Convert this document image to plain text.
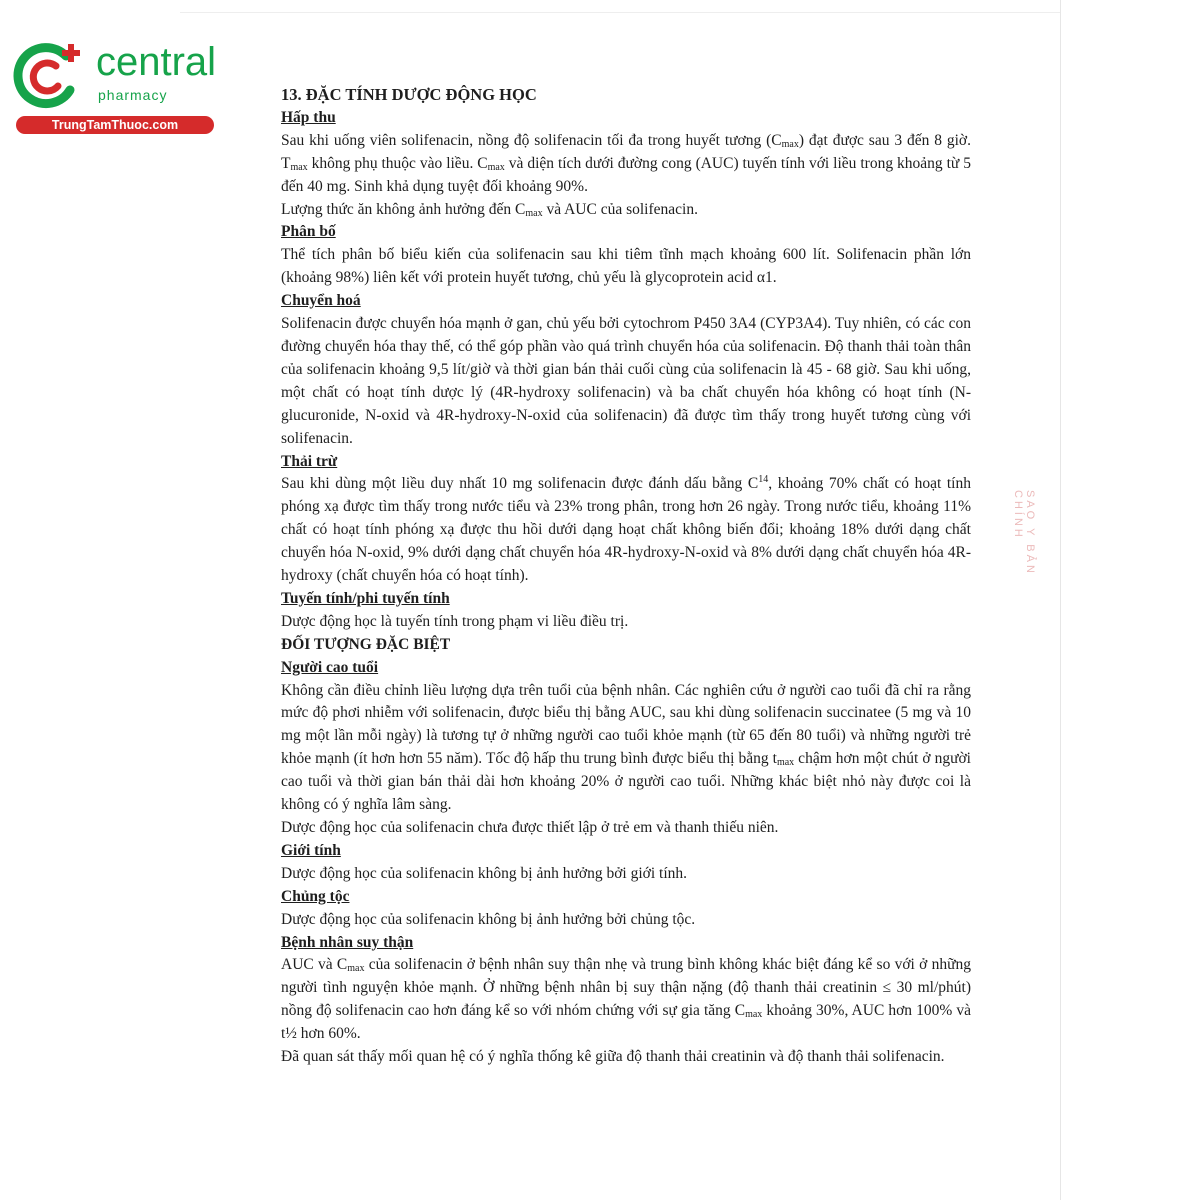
central
pharmacy
TrungTamThuoc.com
SAO Y BẢN CHÍNH
13. ĐẶC TÍNH DƯỢC ĐỘNG HỌC
Hấp thu

Sau khi uống viên solifenacin, nồng độ solifenacin tối đa trong huyết tương $(C_{max})$ đạt được sau 3 đến 8 giờ. $T_{max}$ không phụ thuộc vào liều. $C_{max}$ và diện tích dưới đường cong (AUC) tuyến tính với liều trong khoảng từ 5 đến 40 mg. Sinh khả dụng tuyệt đối khoảng 90%.

Lượng thức ăn không ảnh hưởng đến $C_{max}$ và AUC của solifenacin.

Phân bố

Thể tích phân bố biểu kiến của solifenacin sau khi tiêm tĩnh mạch khoảng 600 lít. Solifenacin phần lớn (khoảng 98%) liên kết với protein huyết tương, chủ yếu là glycoprotein acid α1.

Chuyển hoá

Solifenacin được chuyển hóa mạnh ở gan, chủ yếu bởi cytochrom P450 3A4 (CYP3A4). Tuy nhiên, có các con đường chuyển hóa thay thế, có thể góp phần vào quá trình chuyển hóa của solifenacin. Độ thanh thải toàn thân của solifenacin khoảng 9,5 lít/giờ và thời gian bán thải cuối cùng của solifenacin là 45 - 68 giờ. Sau khi uống, một chất có hoạt tính dược lý (4R-hydroxy solifenacin) và ba chất chuyển hóa không có hoạt tính (N-glucuronide, N-oxid và 4R-hydroxy-N-oxid của solifenacin) đã được tìm thấy trong huyết tương cùng với solifenacin.

Thải trừ

Sau khi dùng một liều duy nhất 10 mg solifenacin được đánh dấu bằng $C^{14}$, khoảng 70% chất có hoạt tính phóng xạ được tìm thấy trong nước tiểu và 23% trong phân, trong hơn 26 ngày. Trong nước tiểu, khoảng 11% chất có hoạt tính phóng xạ được thu hồi dưới dạng hoạt chất không biến đổi; khoảng 18% dưới dạng chất chuyển hóa N-oxid, 9% dưới dạng chất chuyển hóa 4R-hydroxy-N-oxid và 8% dưới dạng chất chuyển hóa 4R-hydroxy (chất chuyển hóa có hoạt tính).

Tuyến tính/phi tuyến tính

Dược động học là tuyến tính trong phạm vi liều điều trị.

ĐỐI TƯỢNG ĐẶC BIỆT
Người cao tuổi

Không cần điều chỉnh liều lượng dựa trên tuổi của bệnh nhân. Các nghiên cứu ở người cao tuổi đã chỉ ra rằng mức độ phơi nhiễm với solifenacin, được biểu thị bằng AUC, sau khi dùng solifenacin succinatee (5 mg và 10 mg một lần mỗi ngày) là tương tự ở những người cao tuổi khỏe mạnh (từ 65 đến 80 tuổi) và những người trẻ khỏe mạnh (ít hơn hơn 55 năm). Tốc độ hấp thu trung bình được biểu thị bằng $t_{max}$ chậm hơn một chút ở người cao tuổi và thời gian bán thải dài hơn khoảng 20% ở người cao tuổi. Những khác biệt nhỏ này được coi là không có ý nghĩa lâm sàng.

Dược động học của solifenacin chưa được thiết lập ở trẻ em và thanh thiếu niên.

Giới tính

Dược động học của solifenacin không bị ảnh hưởng bởi giới tính.

Chủng tộc

Dược động học của solifenacin không bị ảnh hưởng bởi chủng tộc.

Bệnh nhân suy thận

AUC và $C_{max}$ của solifenacin ở bệnh nhân suy thận nhẹ và trung bình không khác biệt đáng kể so với ở những người tình nguyện khỏe mạnh. Ở những bệnh nhân bị suy thận nặng (độ thanh thải creatinin ≤ 30 ml/phút) nồng độ solifenacin cao hơn đáng kể so với nhóm chứng với sự gia tăng $C_{max}$ khoảng 30%, AUC hơn 100% và t½ hơn 60%.

Đã quan sát thấy mối quan hệ có ý nghĩa thống kê giữa độ thanh thải creatinin và độ thanh thải solifenacin.
